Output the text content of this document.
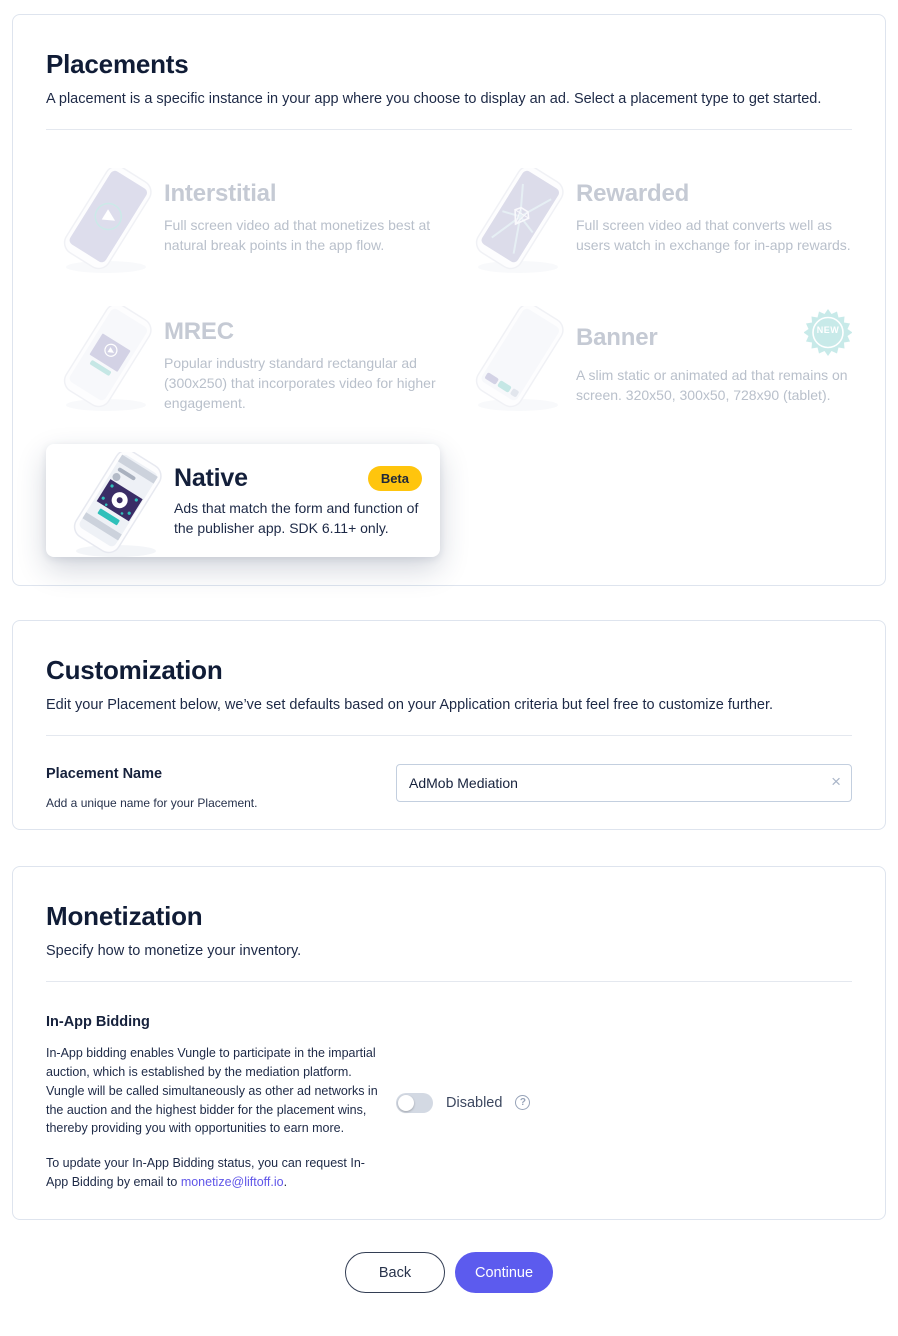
Placements

A placement is a specific instance in your app where you choose to display an ad. Select a placement type to get started.

Interstitial

Full screen video ad that monetizes best at natural break points in the app flow.

Rewarded

Full screen video ad that converts well as users watch in exchange for in-app rewards.

MREC

Popular industry standard rectangular ad (300x250) that incorporates video for higher engagement.

Banner	NEW

A slim static or animated ad that remains on screen. 320x50, 300x50, 728x90 (tablet).

Native	Beta

Ads that match the form and function of the publisher app. SDK 6.11+ only.

Customization

Edit your Placement below, we’ve set defaults based on your Application criteria but feel free to customize further.

Placement Name

Add a unique name for your Placement.

AdMob Mediation
×
Monetization

Specify how to monetize your inventory.

In-App Bidding

In-App bidding enables Vungle to participate in the impartial auction, which is established by the mediation platform. Vungle will be called simultaneously as other ad networks in the auction and the highest bidder for the placement wins, thereby providing you with opportunities to earn more.

To update your In-App Bidding status, you can request In-App Bidding by email to monetize@liftoff.io.

Disabled	?
Back	Continue
